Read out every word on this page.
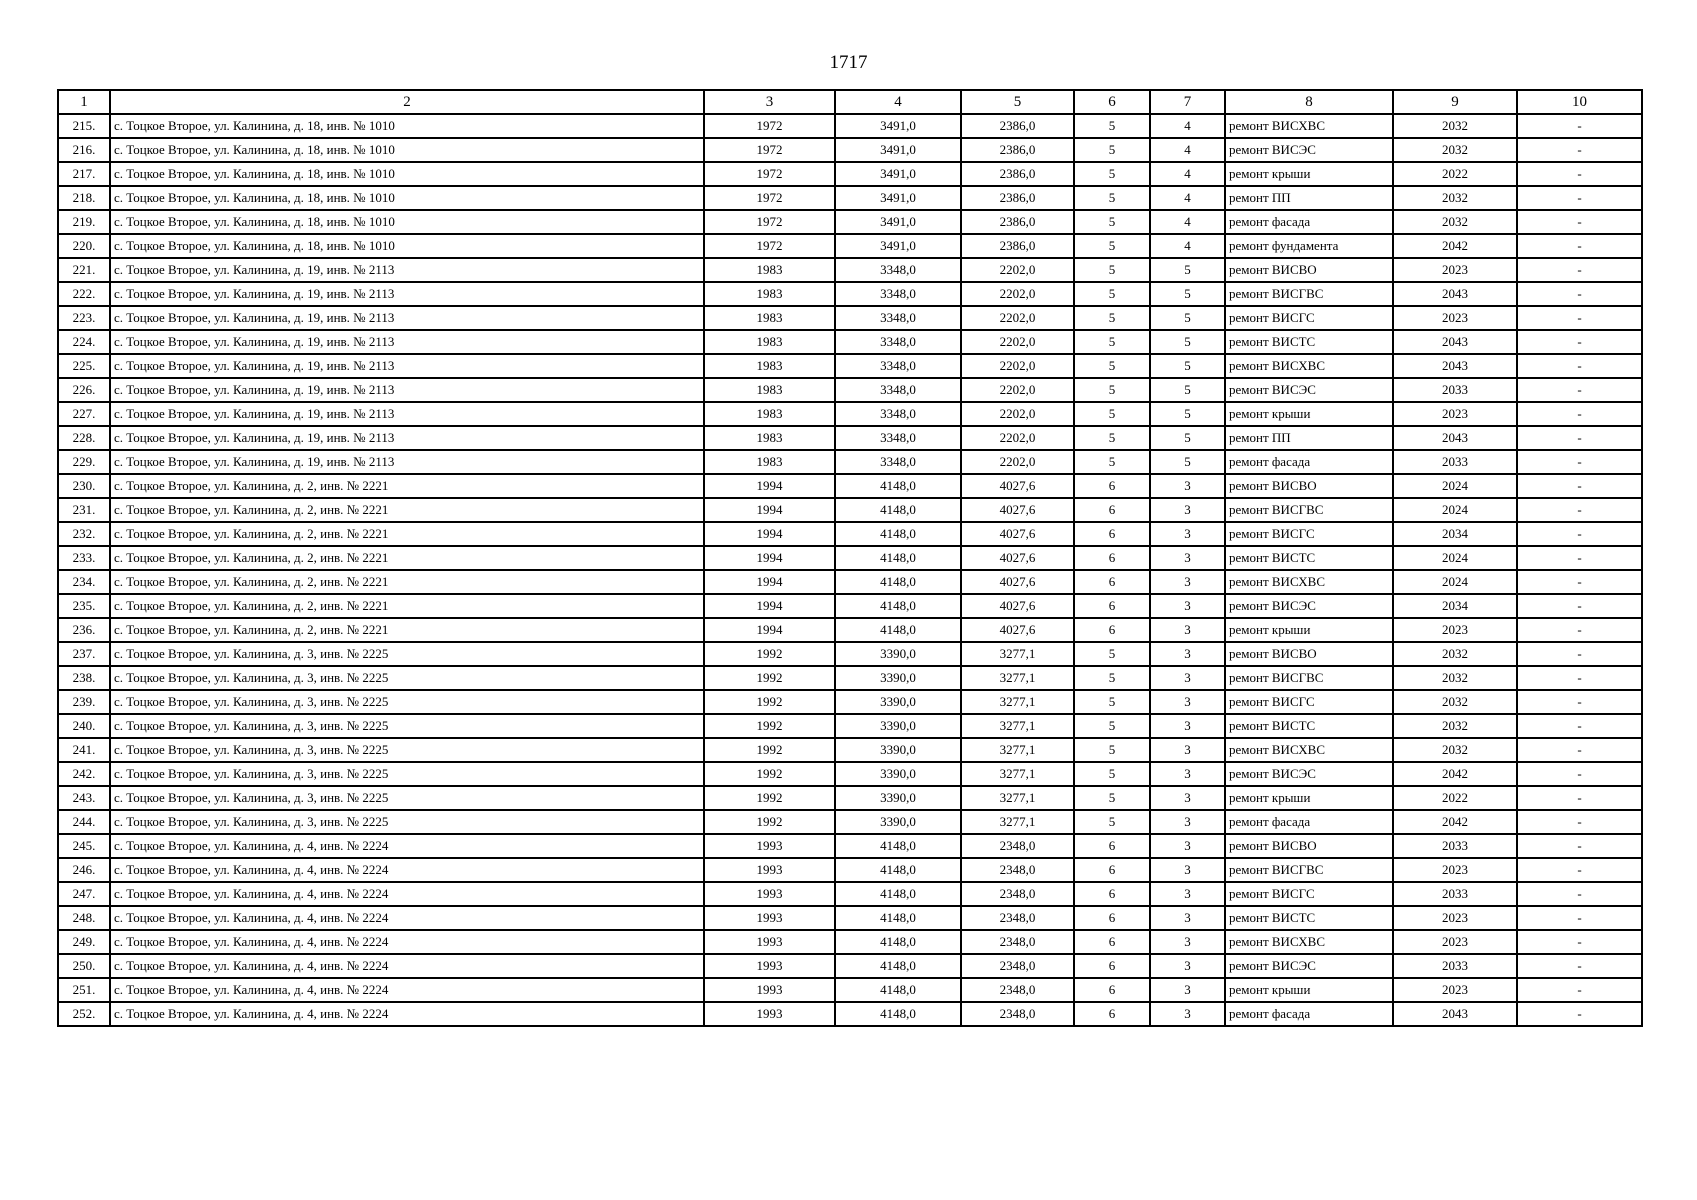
1717
1	2	3	4	5	6	7	8	9	10
215.	с. Тоцкое Второе, ул. Калинина, д. 18, инв. № 1010	1972	3491,0	2386,0	5	4	ремонт ВИСХВС	2032	-
216.	с. Тоцкое Второе, ул. Калинина, д. 18, инв. № 1010	1972	3491,0	2386,0	5	4	ремонт ВИСЭС	2032	-
217.	с. Тоцкое Второе, ул. Калинина, д. 18, инв. № 1010	1972	3491,0	2386,0	5	4	ремонт крыши	2022	-
218.	с. Тоцкое Второе, ул. Калинина, д. 18, инв. № 1010	1972	3491,0	2386,0	5	4	ремонт ПП	2032	-
219.	с. Тоцкое Второе, ул. Калинина, д. 18, инв. № 1010	1972	3491,0	2386,0	5	4	ремонт фасада	2032	-
220.	с. Тоцкое Второе, ул. Калинина, д. 18, инв. № 1010	1972	3491,0	2386,0	5	4	ремонт фундамента	2042	-
221.	с. Тоцкое Второе, ул. Калинина, д. 19, инв. № 2113	1983	3348,0	2202,0	5	5	ремонт ВИСВО	2023	-
222.	с. Тоцкое Второе, ул. Калинина, д. 19, инв. № 2113	1983	3348,0	2202,0	5	5	ремонт ВИСГВС	2043	-
223.	с. Тоцкое Второе, ул. Калинина, д. 19, инв. № 2113	1983	3348,0	2202,0	5	5	ремонт ВИСГС	2023	-
224.	с. Тоцкое Второе, ул. Калинина, д. 19, инв. № 2113	1983	3348,0	2202,0	5	5	ремонт ВИСТС	2043	-
225.	с. Тоцкое Второе, ул. Калинина, д. 19, инв. № 2113	1983	3348,0	2202,0	5	5	ремонт ВИСХВС	2043	-
226.	с. Тоцкое Второе, ул. Калинина, д. 19, инв. № 2113	1983	3348,0	2202,0	5	5	ремонт ВИСЭС	2033	-
227.	с. Тоцкое Второе, ул. Калинина, д. 19, инв. № 2113	1983	3348,0	2202,0	5	5	ремонт крыши	2023	-
228.	с. Тоцкое Второе, ул. Калинина, д. 19, инв. № 2113	1983	3348,0	2202,0	5	5	ремонт ПП	2043	-
229.	с. Тоцкое Второе, ул. Калинина, д. 19, инв. № 2113	1983	3348,0	2202,0	5	5	ремонт фасада	2033	-
230.	с. Тоцкое Второе, ул. Калинина, д. 2, инв. № 2221	1994	4148,0	4027,6	6	3	ремонт ВИСВО	2024	-
231.	с. Тоцкое Второе, ул. Калинина, д. 2, инв. № 2221	1994	4148,0	4027,6	6	3	ремонт ВИСГВС	2024	-
232.	с. Тоцкое Второе, ул. Калинина, д. 2, инв. № 2221	1994	4148,0	4027,6	6	3	ремонт ВИСГС	2034	-
233.	с. Тоцкое Второе, ул. Калинина, д. 2, инв. № 2221	1994	4148,0	4027,6	6	3	ремонт ВИСТС	2024	-
234.	с. Тоцкое Второе, ул. Калинина, д. 2, инв. № 2221	1994	4148,0	4027,6	6	3	ремонт ВИСХВС	2024	-
235.	с. Тоцкое Второе, ул. Калинина, д. 2, инв. № 2221	1994	4148,0	4027,6	6	3	ремонт ВИСЭС	2034	-
236.	с. Тоцкое Второе, ул. Калинина, д. 2, инв. № 2221	1994	4148,0	4027,6	6	3	ремонт крыши	2023	-
237.	с. Тоцкое Второе, ул. Калинина, д. 3, инв. № 2225	1992	3390,0	3277,1	5	3	ремонт ВИСВО	2032	-
238.	с. Тоцкое Второе, ул. Калинина, д. 3, инв. № 2225	1992	3390,0	3277,1	5	3	ремонт ВИСГВС	2032	-
239.	с. Тоцкое Второе, ул. Калинина, д. 3, инв. № 2225	1992	3390,0	3277,1	5	3	ремонт ВИСГС	2032	-
240.	с. Тоцкое Второе, ул. Калинина, д. 3, инв. № 2225	1992	3390,0	3277,1	5	3	ремонт ВИСТС	2032	-
241.	с. Тоцкое Второе, ул. Калинина, д. 3, инв. № 2225	1992	3390,0	3277,1	5	3	ремонт ВИСХВС	2032	-
242.	с. Тоцкое Второе, ул. Калинина, д. 3, инв. № 2225	1992	3390,0	3277,1	5	3	ремонт ВИСЭС	2042	-
243.	с. Тоцкое Второе, ул. Калинина, д. 3, инв. № 2225	1992	3390,0	3277,1	5	3	ремонт крыши	2022	-
244.	с. Тоцкое Второе, ул. Калинина, д. 3, инв. № 2225	1992	3390,0	3277,1	5	3	ремонт фасада	2042	-
245.	с. Тоцкое Второе, ул. Калинина, д. 4, инв. № 2224	1993	4148,0	2348,0	6	3	ремонт ВИСВО	2033	-
246.	с. Тоцкое Второе, ул. Калинина, д. 4, инв. № 2224	1993	4148,0	2348,0	6	3	ремонт ВИСГВС	2023	-
247.	с. Тоцкое Второе, ул. Калинина, д. 4, инв. № 2224	1993	4148,0	2348,0	6	3	ремонт ВИСГС	2033	-
248.	с. Тоцкое Второе, ул. Калинина, д. 4, инв. № 2224	1993	4148,0	2348,0	6	3	ремонт ВИСТС	2023	-
249.	с. Тоцкое Второе, ул. Калинина, д. 4, инв. № 2224	1993	4148,0	2348,0	6	3	ремонт ВИСХВС	2023	-
250.	с. Тоцкое Второе, ул. Калинина, д. 4, инв. № 2224	1993	4148,0	2348,0	6	3	ремонт ВИСЭС	2033	-
251.	с. Тоцкое Второе, ул. Калинина, д. 4, инв. № 2224	1993	4148,0	2348,0	6	3	ремонт крыши	2023	-
252.	с. Тоцкое Второе, ул. Калинина, д. 4, инв. № 2224	1993	4148,0	2348,0	6	3	ремонт фасада	2043	-
